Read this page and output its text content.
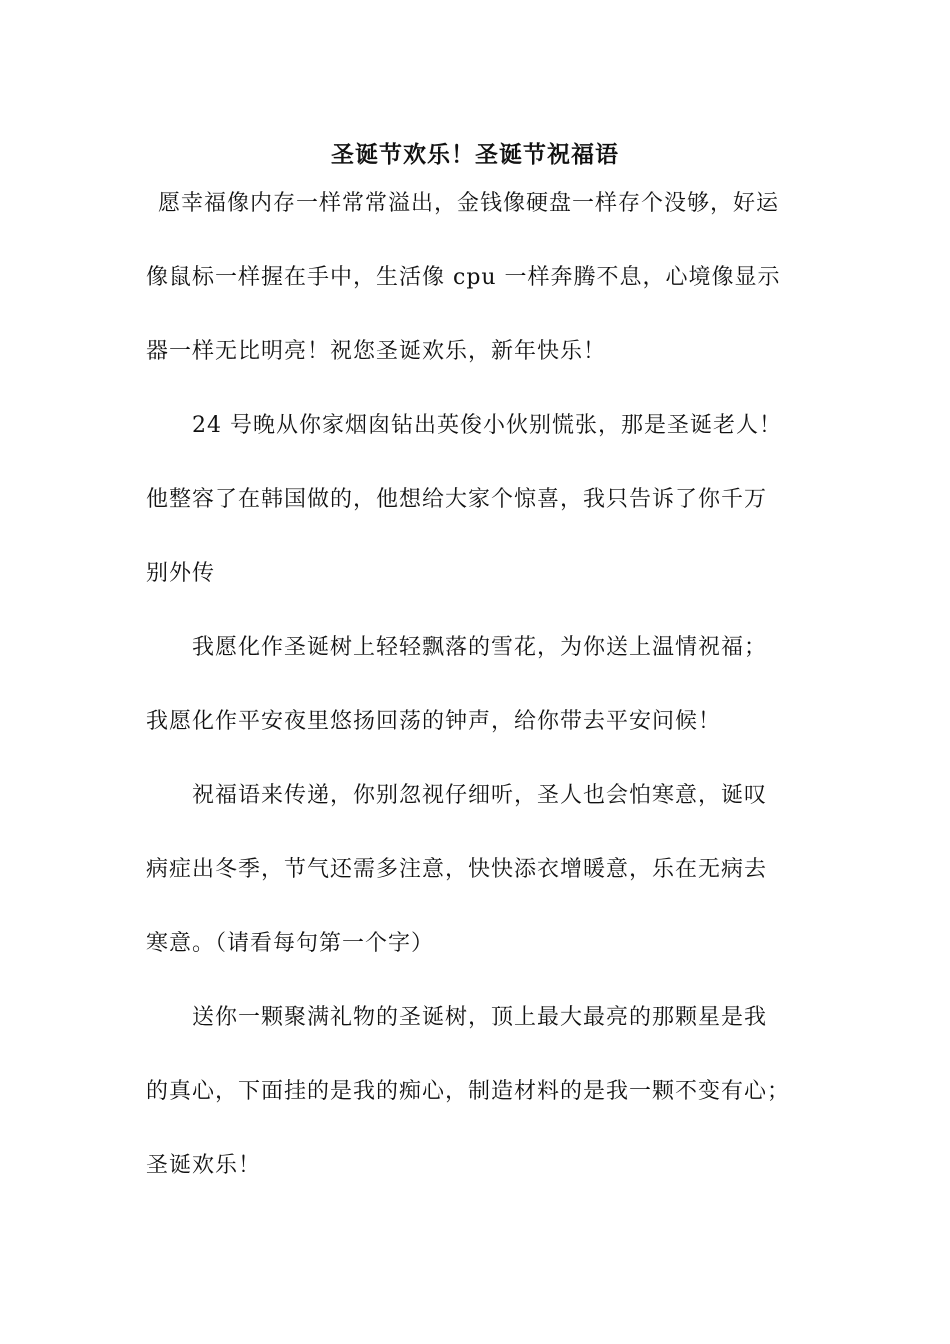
圣诞节欢乐！圣诞节祝福语
愿幸福像内存一样常常溢出，金钱像硬盘一样存个没够，好运
像鼠标一样握在手中，生活像 cpu 一样奔腾不息，心境像显示
器一样无比明亮！祝您圣诞欢乐，新年快乐！
24 号晚从你家烟囱钻出英俊小伙别慌张，那是圣诞老人！
他整容了在韩国做的，他想给大家个惊喜，我只告诉了你千万
别外传
我愿化作圣诞树上轻轻飘落的雪花，为你送上温情祝福；
我愿化作平安夜里悠扬回荡的钟声，给你带去平安问候！
祝福语来传递，你别忽视仔细听，圣人也会怕寒意，诞叹
病症出冬季，节气还需多注意，快快添衣增暖意，乐在无病去
寒意。（请看每句第一个字）
送你一颗聚满礼物的圣诞树，顶上最大最亮的那颗星是我
的真心，下面挂的是我的痴心，制造材料的是我一颗不变有心；
圣诞欢乐！
